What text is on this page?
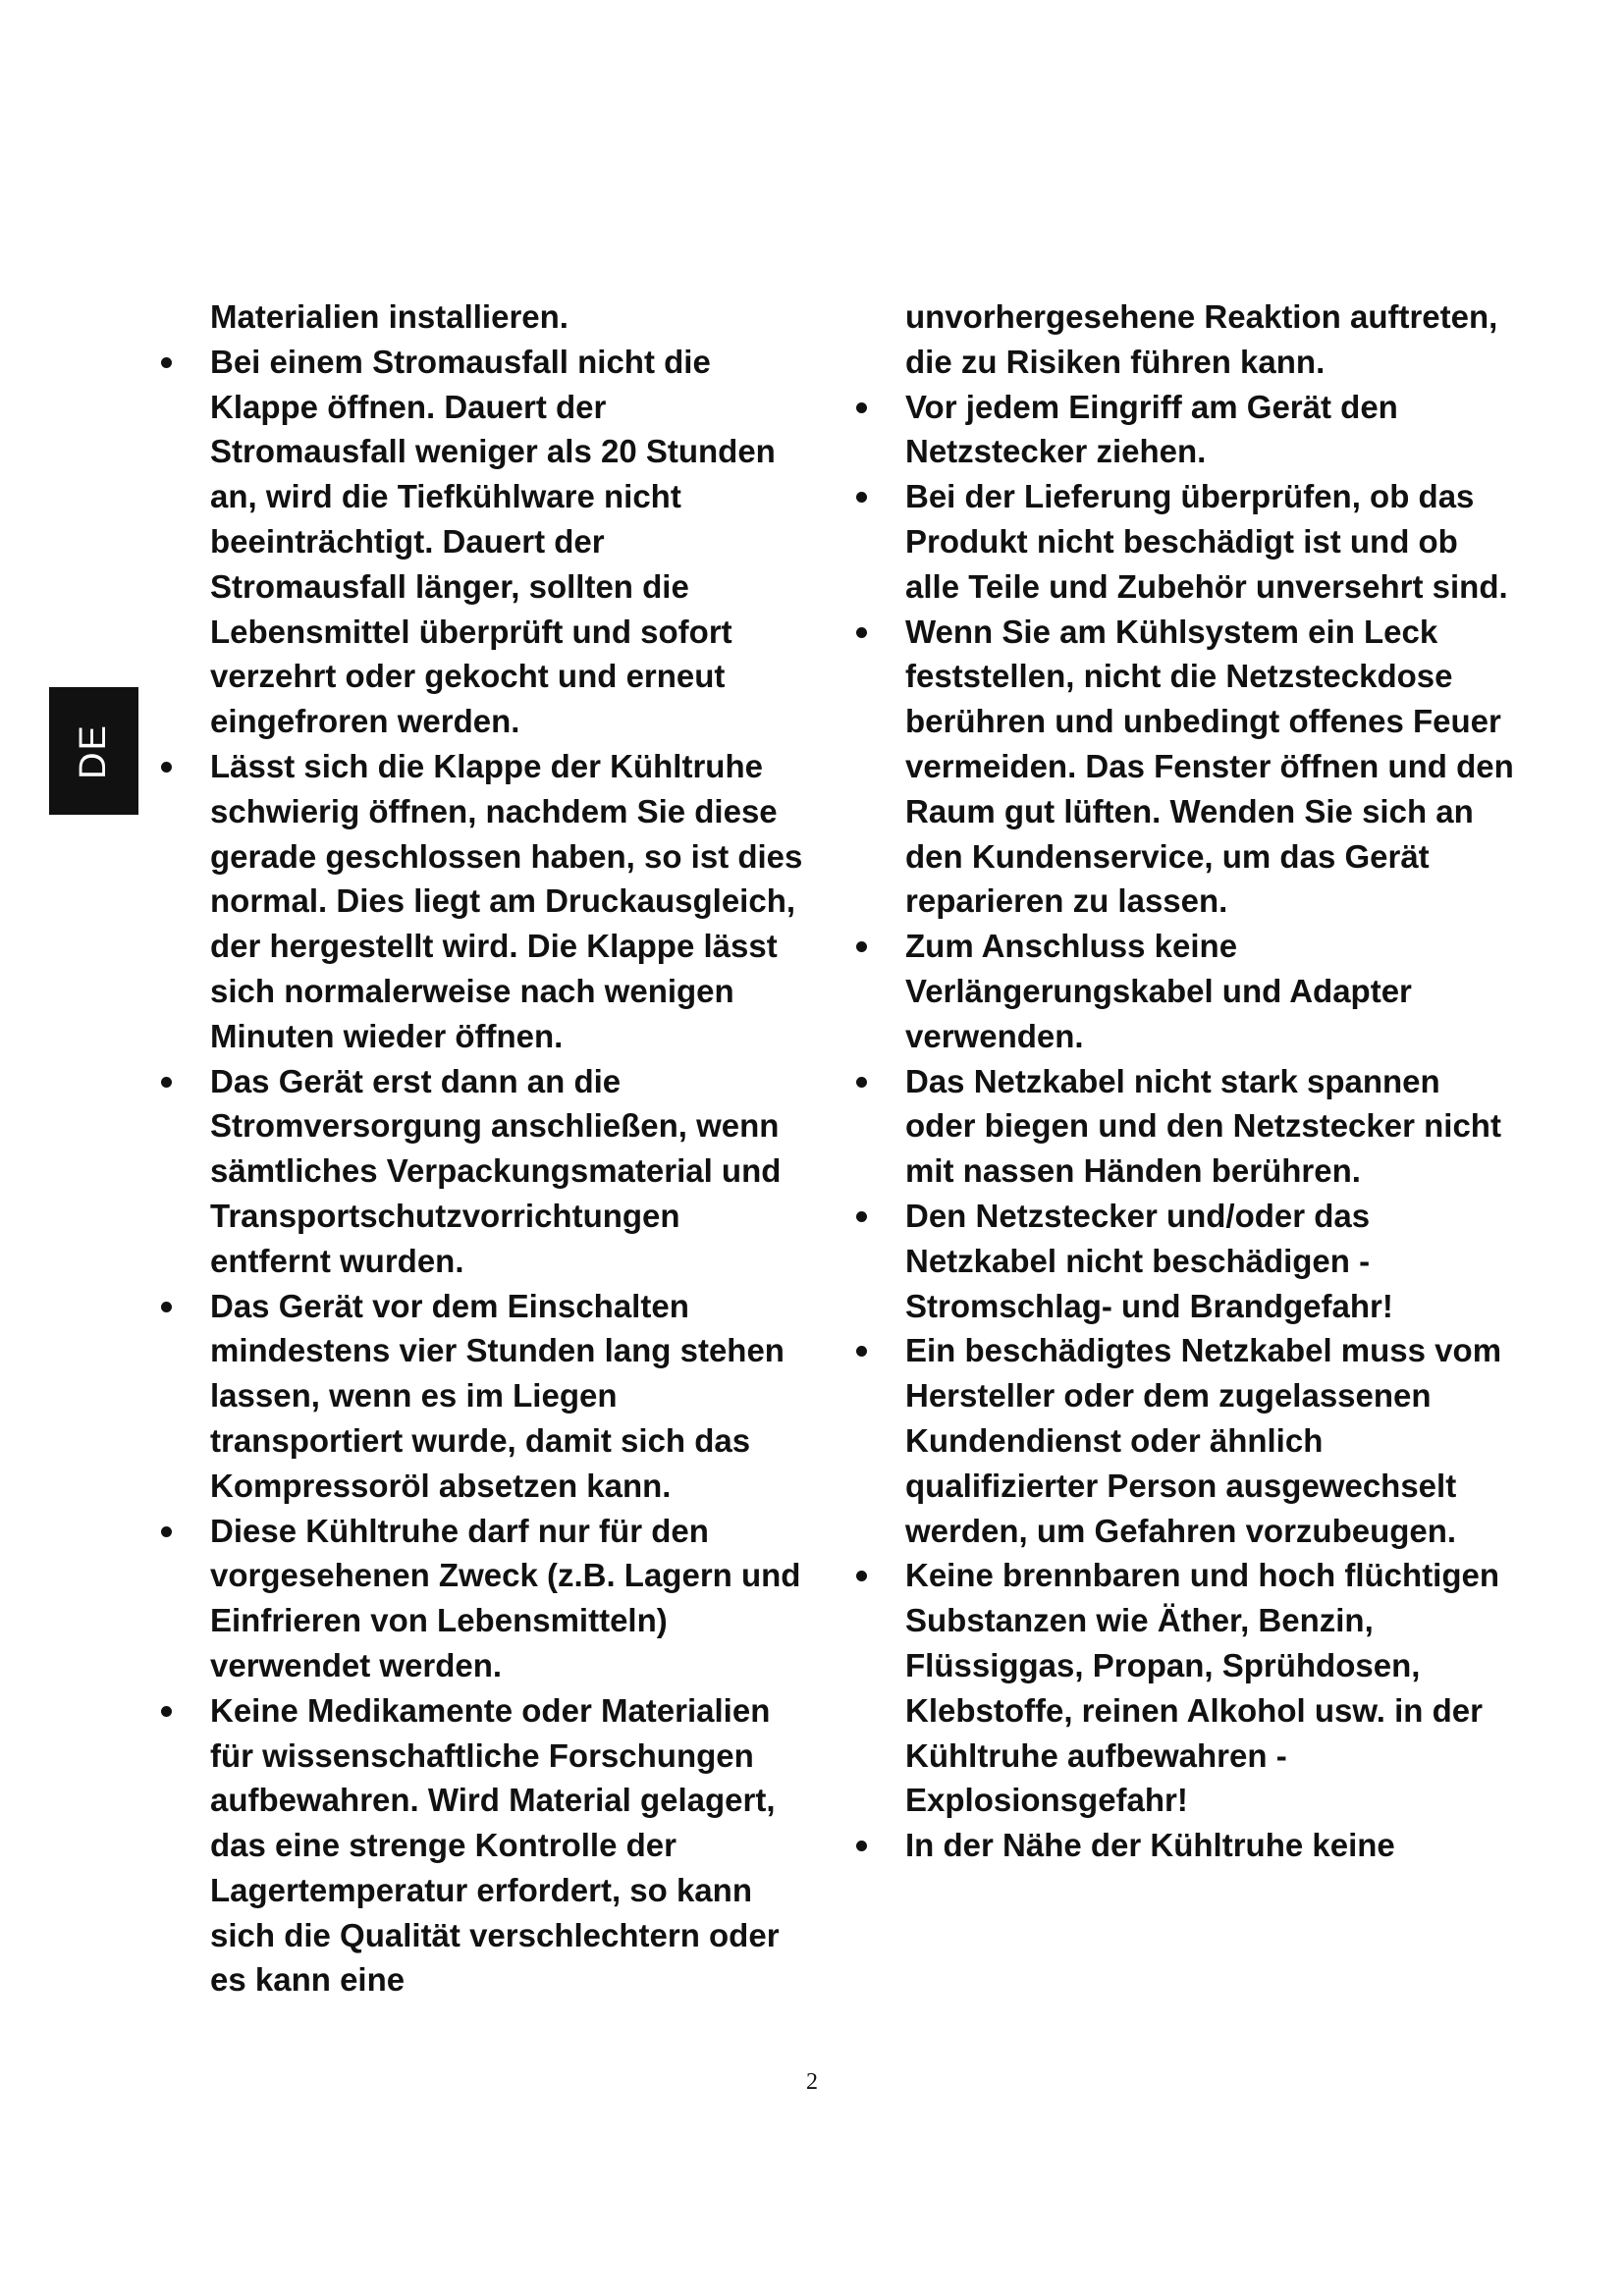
DE

Materialien installieren.

Bei einem Stromausfall nicht die Klappe öffnen. Dauert der Stromausfall weniger als 20 Stunden an, wird die Tiefkühlware nicht beeinträchtigt. Dauert der Stromausfall länger, sollten die Lebensmittel überprüft und sofort verzehrt oder gekocht und erneut eingefroren werden.
Lässt sich die Klappe der Kühltruhe schwierig öffnen, nachdem Sie diese gerade geschlossen haben, so ist dies normal. Dies liegt am Druckausgleich, der hergestellt wird. Die Klappe lässt sich normalerweise nach wenigen Minuten wieder öffnen.
Das Gerät erst dann an die Stromversorgung anschließen, wenn sämtliches Verpackungsmaterial und Transportschutzvorrichtungen entfernt wurden.
Das Gerät vor dem Einschalten mindestens vier Stunden lang stehen lassen, wenn es im Liegen transportiert wurde, damit sich das Kompressoröl absetzen kann.
Diese Kühltruhe darf nur für den vorgesehenen Zweck (z.B. Lagern und Einfrieren von Lebensmitteln) verwendet werden.
Keine Medikamente oder Materialien für wissenschaftliche Forschungen aufbewahren. Wird Material gelagert, das eine strenge Kontrolle der Lagertemperatur erfordert, so kann sich die Qualität verschlechtern oder es kann eine

unvorhergesehene Reaktion auftreten, die zu Risiken führen kann.

Vor jedem Eingriff am Gerät den Netzstecker ziehen.
Bei der Lieferung überprüfen, ob das Produkt nicht beschädigt ist und ob alle Teile und Zubehör unversehrt sind.
Wenn Sie am Kühlsystem ein Leck feststellen, nicht die Netzsteckdose berühren und unbedingt offenes Feuer vermeiden. Das Fenster öffnen und den Raum gut lüften. Wenden Sie sich an den Kundenservice, um das Gerät reparieren zu lassen.
Zum Anschluss keine Verlängerungskabel und Adapter verwenden.
Das Netzkabel nicht stark spannen oder biegen und den Netzstecker nicht mit nassen Händen berühren.
Den Netzstecker und/oder das Netzkabel nicht beschädigen - Stromschlag- und Brandgefahr!
Ein beschädigtes Netzkabel muss vom Hersteller oder dem zugelassenen Kundendienst oder ähnlich qualifizierter Person ausgewechselt werden, um Gefahren vorzubeugen.
Keine brennbaren und hoch flüchtigen Substanzen wie Äther, Benzin, Flüssiggas, Propan, Sprühdosen, Klebstoffe, reinen Alkohol usw. in der Kühltruhe aufbewahren - Explosionsgefahr!
In der Nähe der Kühltruhe keine
2
